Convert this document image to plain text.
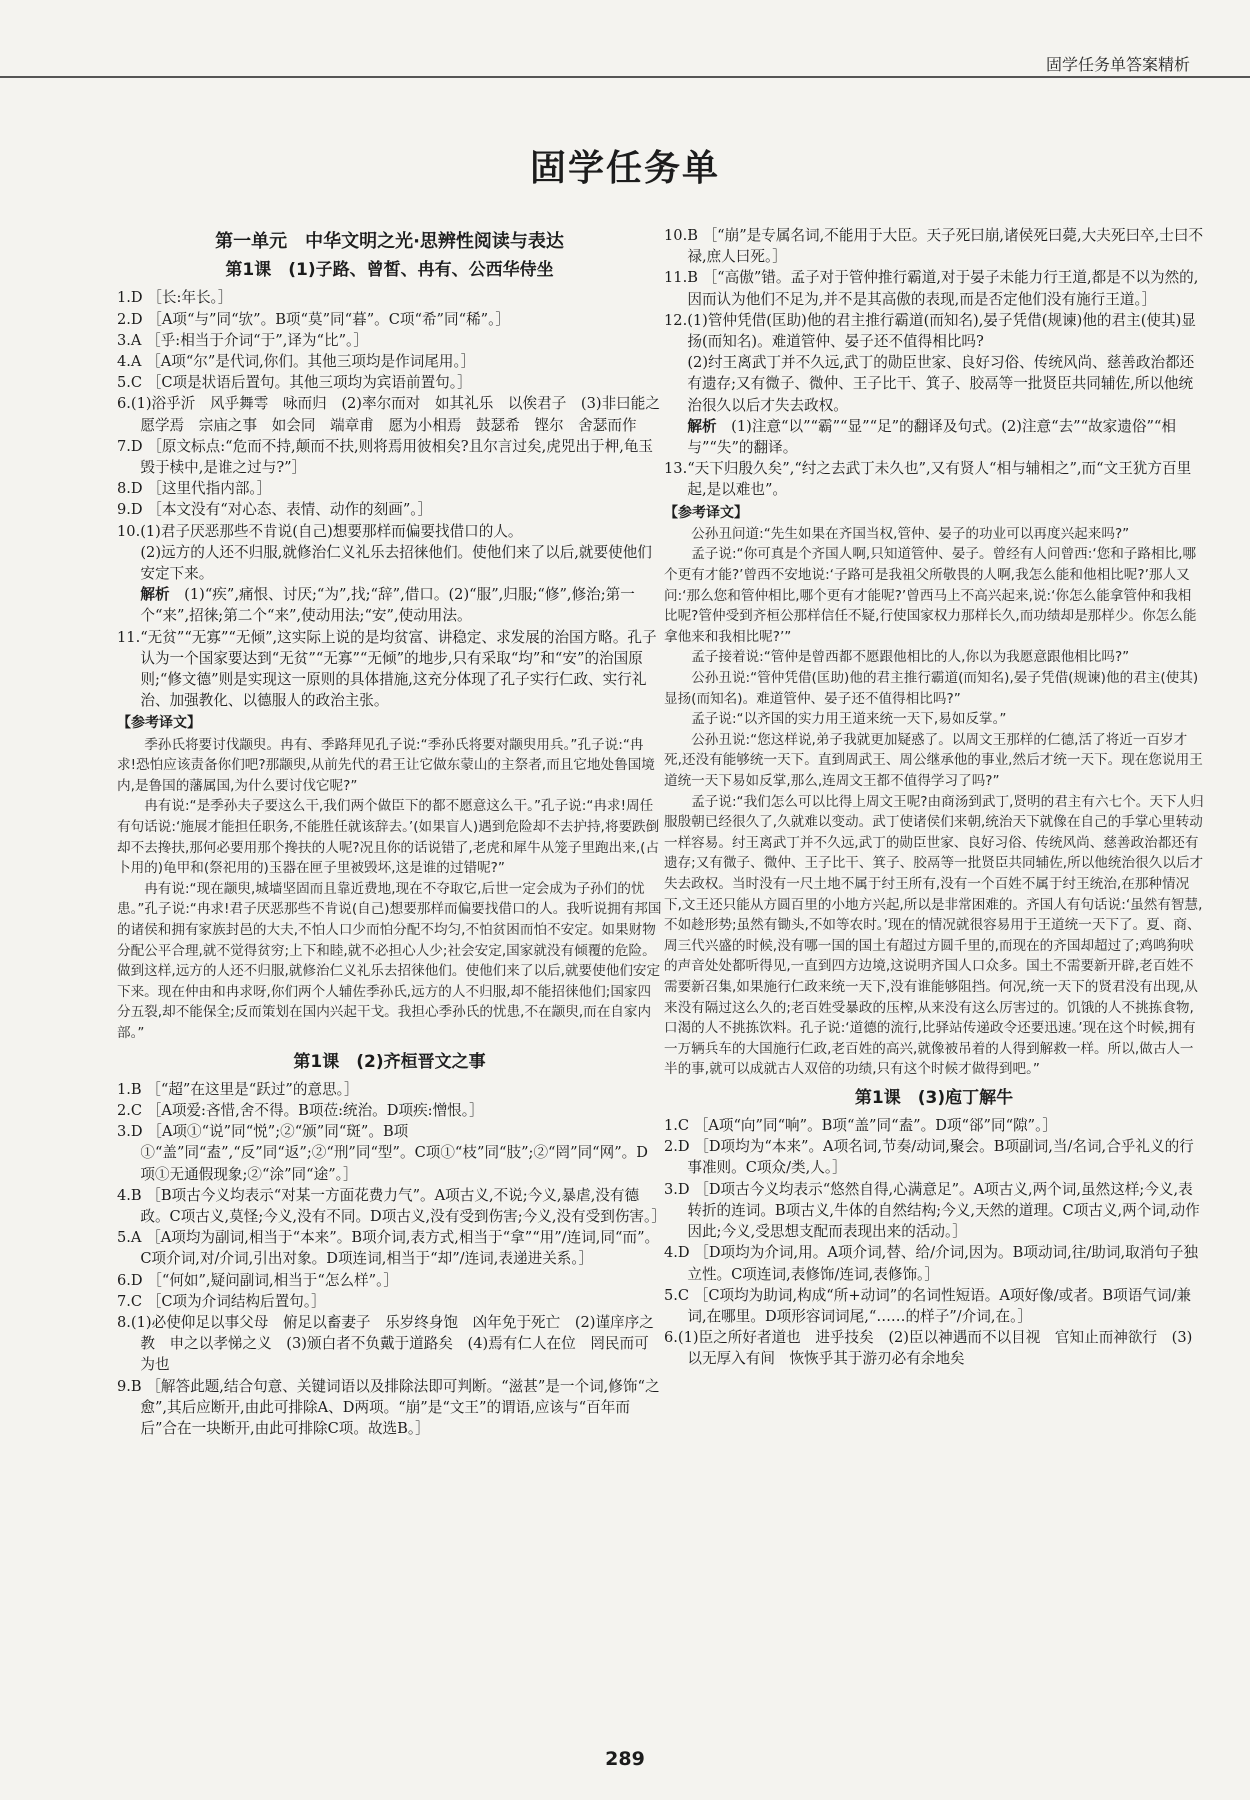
固学任务单答案精析
固学任务单
第一单元　中华文明之光·思辨性阅读与表达
第1课　(1)子路、曾皙、冉有、公西华侍坐

1.D ［长:年长。］

2.D ［A项“与”同“欤”。B项“莫”同“暮”。C项“希”同“稀”。］

3.A ［乎:相当于介词“于”,译为“比”。］

4.A ［A项“尔”是代词,你们。其他三项均是作词尾用。］

5.C ［C项是状语后置句。其他三项均为宾语前置句。］

6.(1)浴乎沂　风乎舞雩　咏而归　(2)率尔而对　如其礼乐　以俟君子　(3)非曰能之　愿学焉　宗庙之事　如会同　端章甫　愿为小相焉　鼓瑟希　铿尔　舍瑟而作

7.D ［原文标点:“危而不持,颠而不扶,则将焉用彼相矣?且尔言过矣,虎兕出于柙,龟玉毁于椟中,是谁之过与?”］

8.D ［这里代指内部。］

9.D ［本文没有“对心态、表情、动作的刻画”。］

10.(1)君子厌恶那些不肯说(自己)想要那样而偏要找借口的人。

(2)远方的人还不归服,就修治仁义礼乐去招徕他们。使他们来了以后,就要使他们安定下来。

解析　 (1)“疾”,痛恨、讨厌;“为”,找;“辞”,借口。(2)“服”,归服;“修”,修治;第一个“来”,招徕;第二个“来”,使动用法;“安”,使动用法。

11.“无贫”“无寡”“无倾”,这实际上说的是均贫富、讲稳定、求发展的治国方略。孔子认为一个国家要达到“无贫”“无寡”“无倾”的地步,只有采取“均”和“安”的治国原则;“修文德”则是实现这一原则的具体措施,这充分体现了孔子实行仁政、实行礼治、加强教化、以德服人的政治主张。

【参考译文】

季孙氏将要讨伐颛臾。冉有、季路拜见孔子说:“季孙氏将要对颛臾用兵。”孔子说:“冉求!恐怕应该责备你们吧?那颛臾,从前先代的君王让它做东蒙山的主祭者,而且它地处鲁国境内,是鲁国的藩属国,为什么要讨伐它呢?”

冉有说:“是季孙夫子要这么干,我们两个做臣下的都不愿意这么干。”孔子说:“冉求!周任有句话说:‘施展才能担任职务,不能胜任就该辞去。’(如果盲人)遇到危险却不去护持,将要跌倒却不去搀扶,那何必要用那个搀扶的人呢?况且你的话说错了,老虎和犀牛从笼子里跑出来,(占卜用的)龟甲和(祭祀用的)玉器在匣子里被毁坏,这是谁的过错呢?”

冉有说:“现在颛臾,城墙坚固而且靠近费地,现在不夺取它,后世一定会成为子孙们的忧患。”孔子说:“冉求!君子厌恶那些不肯说(自己)想要那样而偏要找借口的人。我听说拥有邦国的诸侯和拥有家族封邑的大夫,不怕人口少而怕分配不均匀,不怕贫困而怕不安定。如果财物分配公平合理,就不觉得贫穷;上下和睦,就不必担心人少;社会安定,国家就没有倾覆的危险。做到这样,远方的人还不归服,就修治仁义礼乐去招徕他们。使他们来了以后,就要使他们安定下来。现在仲由和冉求呀,你们两个人辅佐季孙氏,远方的人不归服,却不能招徕他们;国家四分五裂,却不能保全;反而策划在国内兴起干戈。我担心季孙氏的忧患,不在颛臾,而在自家内部。”

第1课　(2)齐桓晋文之事

1.B ［“超”在这里是“跃过”的意思。］

2.C ［A项爱:吝惜,舍不得。B项莅:统治。D项疾:憎恨。］

3.D ［A项①“说”同“悦”;②“颁”同“斑”。B项①“盖”同“盍”,“反”同“返”;②“刑”同“型”。C项①“枝”同“肢”;②“罔”同“网”。D项①无通假现象;②“涂”同“途”。］

4.B ［B项古今义均表示“对某一方面花费力气”。A项古义,不说;今义,暴虐,没有德政。C项古义,莫怪;今义,没有不同。D项古义,没有受到伤害;今义,没有受到伤害。］

5.A ［A项均为副词,相当于“本来”。B项介词,表方式,相当于“拿”“用”/连词,同“而”。C项介词,对/介词,引出对象。D项连词,相当于“却”/连词,表递进关系。］

6.D ［“何如”,疑问副词,相当于“怎么样”。］

7.C ［C项为介词结构后置句。］

8.(1)必使仰足以事父母　俯足以畜妻子　乐岁终身饱　凶年免于死亡　(2)谨庠序之教　申之以孝悌之义　(3)颁白者不负戴于道路矣　(4)焉有仁人在位　罔民而可为也

9.B ［解答此题,结合句意、关键词语以及排除法即可判断。“滋甚”是一个词,修饰“之愈”,其后应断开,由此可排除A、D两项。“崩”是“文王”的谓语,应该与“百年而后”合在一块断开,由此可排除C项。故选B。］

10.B ［“崩”是专属名词,不能用于大臣。天子死曰崩,诸侯死曰薨,大夫死曰卒,士曰不禄,庶人曰死。］

11.B ［“高傲”错。孟子对于管仲推行霸道,对于晏子未能力行王道,都是不以为然的,因而认为他们不足为,并不是其高傲的表现,而是否定他们没有施行王道。］

12.(1)管仲凭借(匡助)他的君主推行霸道(而知名),晏子凭借(规谏)他的君主(使其)显扬(而知名)。难道管仲、晏子还不值得相比吗?

(2)纣王离武丁并不久远,武丁的勋臣世家、良好习俗、传统风尚、慈善政治都还有遗存;又有微子、微仲、王子比干、箕子、胶鬲等一批贤臣共同辅佐,所以他统治很久以后才失去政权。

解析　 (1)注意“以”“霸”“显”“足”的翻译及句式。(2)注意“去”“故家遗俗”“相与”“失”的翻译。

13.“天下归殷久矣”,“纣之去武丁未久也”,又有贤人“相与辅相之”,而“文王犹方百里起,是以难也”。

【参考译文】

公孙丑问道:“先生如果在齐国当权,管仲、晏子的功业可以再度兴起来吗?”

孟子说:“你可真是个齐国人啊,只知道管仲、晏子。曾经有人问曾西:‘您和子路相比,哪个更有才能?’曾西不安地说:‘子路可是我祖父所敬畏的人啊,我怎么能和他相比呢?’那人又问:‘那么您和管仲相比,哪个更有才能呢?’曾西马上不高兴起来,说:‘你怎么能拿管仲和我相比呢?管仲受到齐桓公那样信任不疑,行使国家权力那样长久,而功绩却是那样少。你怎么能拿他来和我相比呢?’”

孟子接着说:“管仲是曾西都不愿跟他相比的人,你以为我愿意跟他相比吗?”

公孙丑说:“管仲凭借(匡助)他的君主推行霸道(而知名),晏子凭借(规谏)他的君主(使其)显扬(而知名)。难道管仲、晏子还不值得相比吗?”

孟子说:“以齐国的实力用王道来统一天下,易如反掌。”

公孙丑说:“您这样说,弟子我就更加疑惑了。以周文王那样的仁德,活了将近一百岁才死,还没有能够统一天下。直到周武王、周公继承他的事业,然后才统一天下。现在您说用王道统一天下易如反掌,那么,连周文王都不值得学习了吗?”

孟子说:“我们怎么可以比得上周文王呢?由商汤到武丁,贤明的君主有六七个。天下人归服殷朝已经很久了,久就难以变动。武丁使诸侯们来朝,统治天下就像在自己的手掌心里转动一样容易。纣王离武丁并不久远,武丁的勋臣世家、良好习俗、传统风尚、慈善政治都还有遗存;又有微子、微仲、王子比干、箕子、胶鬲等一批贤臣共同辅佐,所以他统治很久以后才失去政权。当时没有一尺土地不属于纣王所有,没有一个百姓不属于纣王统治,在那种情况下,文王还只能从方圆百里的小地方兴起,所以是非常困难的。齐国人有句话说:‘虽然有智慧,不如趁形势;虽然有锄头,不如等农时。’现在的情况就很容易用于王道统一天下了。夏、商、周三代兴盛的时候,没有哪一国的国土有超过方圆千里的,而现在的齐国却超过了;鸡鸣狗吠的声音处处都听得见,一直到四方边境,这说明齐国人口众多。国土不需要新开辟,老百姓不需要新召集,如果施行仁政来统一天下,没有谁能够阻挡。何况,统一天下的贤君没有出现,从来没有隔过这么久的;老百姓受暴政的压榨,从来没有这么厉害过的。饥饿的人不挑拣食物,口渴的人不挑拣饮料。孔子说:‘道德的流行,比驿站传递政令还要迅速。’现在这个时候,拥有一万辆兵车的大国施行仁政,老百姓的高兴,就像被吊着的人得到解救一样。所以,做古人一半的事,就可以成就古人双倍的功绩,只有这个时候才做得到吧。”

第1课　(3)庖丁解牛

1.C ［A项“向”同“响”。B项“盖”同“盍”。D项“郤”同“隙”。］

2.D ［D项均为“本来”。A项名词,节奏/动词,聚会。B项副词,当/名词,合乎礼义的行事准则。C项众/类,人。］

3.D ［D项古今义均表示“悠然自得,心满意足”。A项古义,两个词,虽然这样;今义,表转折的连词。B项古义,牛体的自然结构;今义,天然的道理。C项古义,两个词,动作因此;今义,受思想支配而表现出来的活动。］

4.D ［D项均为介词,用。A项介词,替、给/介词,因为。B项动词,往/助词,取消句子独立性。C项连词,表修饰/连词,表修饰。］

5.C ［C项均为助词,构成“所+动词”的名词性短语。A项好像/或者。B项语气词/兼词,在哪里。D项形容词词尾,“……的样子”/介词,在。］

6.(1)臣之所好者道也　进乎技矣　(2)臣以神遇而不以目视　官知止而神欲行　(3)以无厚入有间　恢恢乎其于游刃必有余地矣

289
